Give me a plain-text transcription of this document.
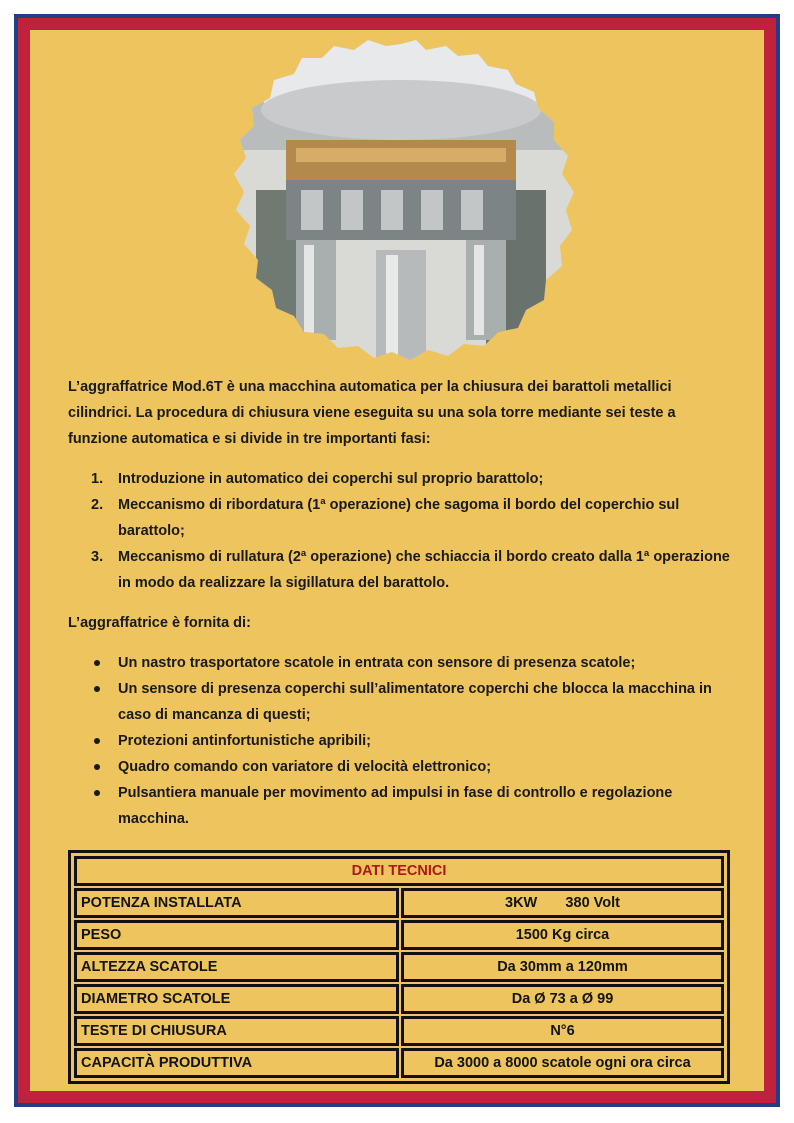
L’aggraffatrice Mod.6T è una macchina automatica per la chiusura dei barattoli metallici cilindrici. La procedura di chiusura viene eseguita su una sola torre mediante sei teste a funzione automatica e si divide in tre importanti fasi:
1. Introduzione in automatico dei coperchi sul proprio barattolo;
2. Meccanismo di ribordatura (1ª operazione) che sagoma il bordo del coperchio sul barattolo;
3. Meccanismo di rullatura (2ª operazione) che schiaccia il bordo creato dalla 1ª operazione in modo da realizzare la sigillatura del barattolo.
L’aggraffatrice è fornita di:
Un nastro trasportatore scatole in entrata con sensore di presenza scatole;
Un sensore di presenza coperchi sull’alimentatore coperchi che blocca la macchina in caso di mancanza di questi;
Protezioni antinfortunistiche apribili;
Quadro comando con variatore di velocità elettronico;
Pulsantiera manuale per movimento ad impulsi in fase di controllo e regolazione macchina.
DATI TECNICI
POTENZA INSTALLATA	3KW       380 Volt
PESO	1500 Kg circa
ALTEZZA SCATOLE	Da 30mm a 120mm
DIAMETRO SCATOLE	Da Ø 73 a Ø 99
TESTE DI CHIUSURA	N°6
CAPACITÀ PRODUTTIVA	Da 3000 a 8000 scatole ogni ora circa
